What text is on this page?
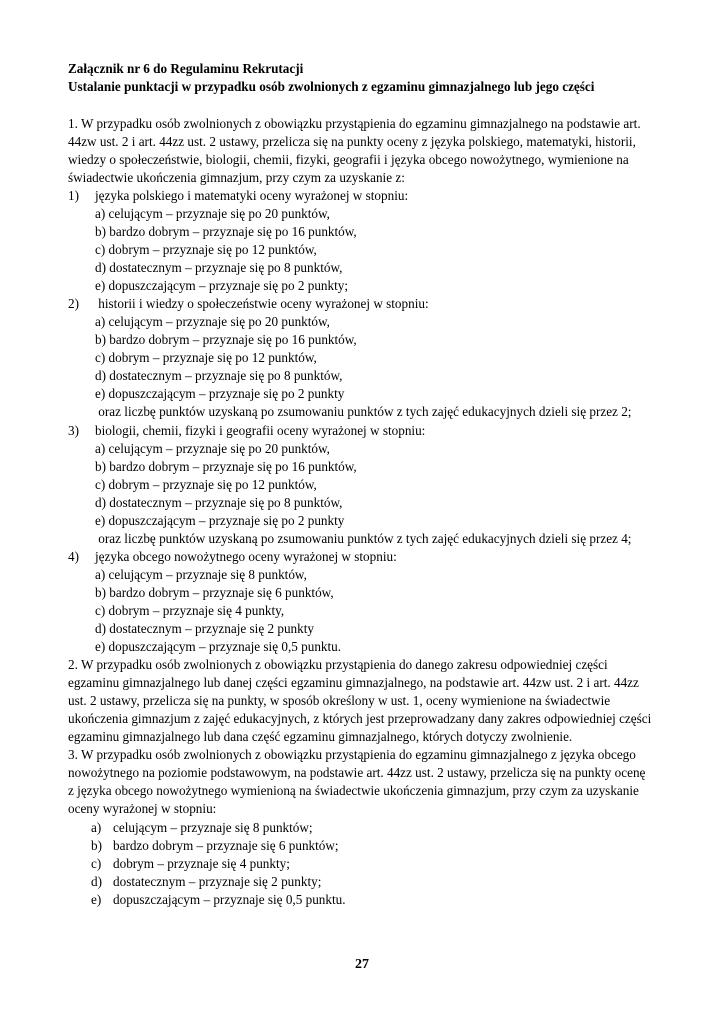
Załącznik nr 6 do Regulaminu Rekrutacji
Ustalanie punktacji w przypadku osób zwolnionych z egzaminu gimnazjalnego lub jego części
1. W przypadku osób zwolnionych z obowiązku przystąpienia do egzaminu gimnazjalnego na podstawie art.
44zw ust. 2 i art. 44zz ust. 2 ustawy, przelicza się na punkty oceny z języka polskiego, matematyki, historii,
wiedzy o społeczeństwie, biologii, chemii, fizyki, geografii i języka obcego nowożytnego, wymienione na
świadectwie ukończenia gimnazjum, przy czym za uzyskanie z:
1) języka polskiego i matematyki oceny wyrażonej w stopniu:
a) celującym – przyznaje się po 20 punktów,
b) bardzo dobrym – przyznaje się po 16 punktów,
c) dobrym – przyznaje się po 12 punktów,
d) dostatecznym – przyznaje się po 8 punktów,
e) dopuszczającym – przyznaje się po 2 punkty;
2) historii i wiedzy o społeczeństwie oceny wyrażonej w stopniu:
a) celującym – przyznaje się po 20 punktów,
b) bardzo dobrym – przyznaje się po 16 punktów,
c) dobrym – przyznaje się po 12 punktów,
d) dostatecznym – przyznaje się po 8 punktów,
e) dopuszczającym – przyznaje się po 2 punkty
oraz liczbę punktów uzyskaną po zsumowaniu punktów z tych zajęć edukacyjnych dzieli się przez 2;
3) biologii, chemii, fizyki i geografii oceny wyrażonej w stopniu:
a) celującym – przyznaje się po 20 punktów,
b) bardzo dobrym – przyznaje się po 16 punktów,
c) dobrym – przyznaje się po 12 punktów,
d) dostatecznym – przyznaje się po 8 punktów,
e) dopuszczającym – przyznaje się po 2 punkty
oraz liczbę punktów uzyskaną po zsumowaniu punktów z tych zajęć edukacyjnych dzieli się przez 4;
4) języka obcego nowożytnego oceny wyrażonej w stopniu:
a) celującym – przyznaje się 8 punktów,
b) bardzo dobrym – przyznaje się 6 punktów,
c) dobrym – przyznaje się 4 punkty,
d) dostatecznym – przyznaje się 2 punkty
e) dopuszczającym – przyznaje się 0,5 punktu.
2. W przypadku osób zwolnionych z obowiązku przystąpienia do danego zakresu odpowiedniej części
egzaminu gimnazjalnego lub danej części egzaminu gimnazjalnego, na podstawie art. 44zw ust. 2 i art. 44zz
ust. 2 ustawy, przelicza się na punkty, w sposób określony w ust. 1, oceny wymienione na świadectwie
ukończenia gimnazjum z zajęć edukacyjnych, z których jest przeprowadzany dany zakres odpowiedniej części
egzaminu gimnazjalnego lub dana część egzaminu gimnazjalnego, których dotyczy zwolnienie.
3. W przypadku osób zwolnionych z obowiązku przystąpienia do egzaminu gimnazjalnego z języka obcego
nowożytnego na poziomie podstawowym, na podstawie art. 44zz ust. 2 ustawy, przelicza się na punkty ocenę
z języka obcego nowożytnego wymienioną na świadectwie ukończenia gimnazjum, przy czym za uzyskanie
oceny wyrażonej w stopniu:
a) celującym – przyznaje się 8 punktów;
b) bardzo dobrym – przyznaje się 6 punktów;
c) dobrym – przyznaje się 4 punkty;
d) dostatecznym – przyznaje się 2 punkty;
e) dopuszczającym – przyznaje się 0,5 punktu.
27
